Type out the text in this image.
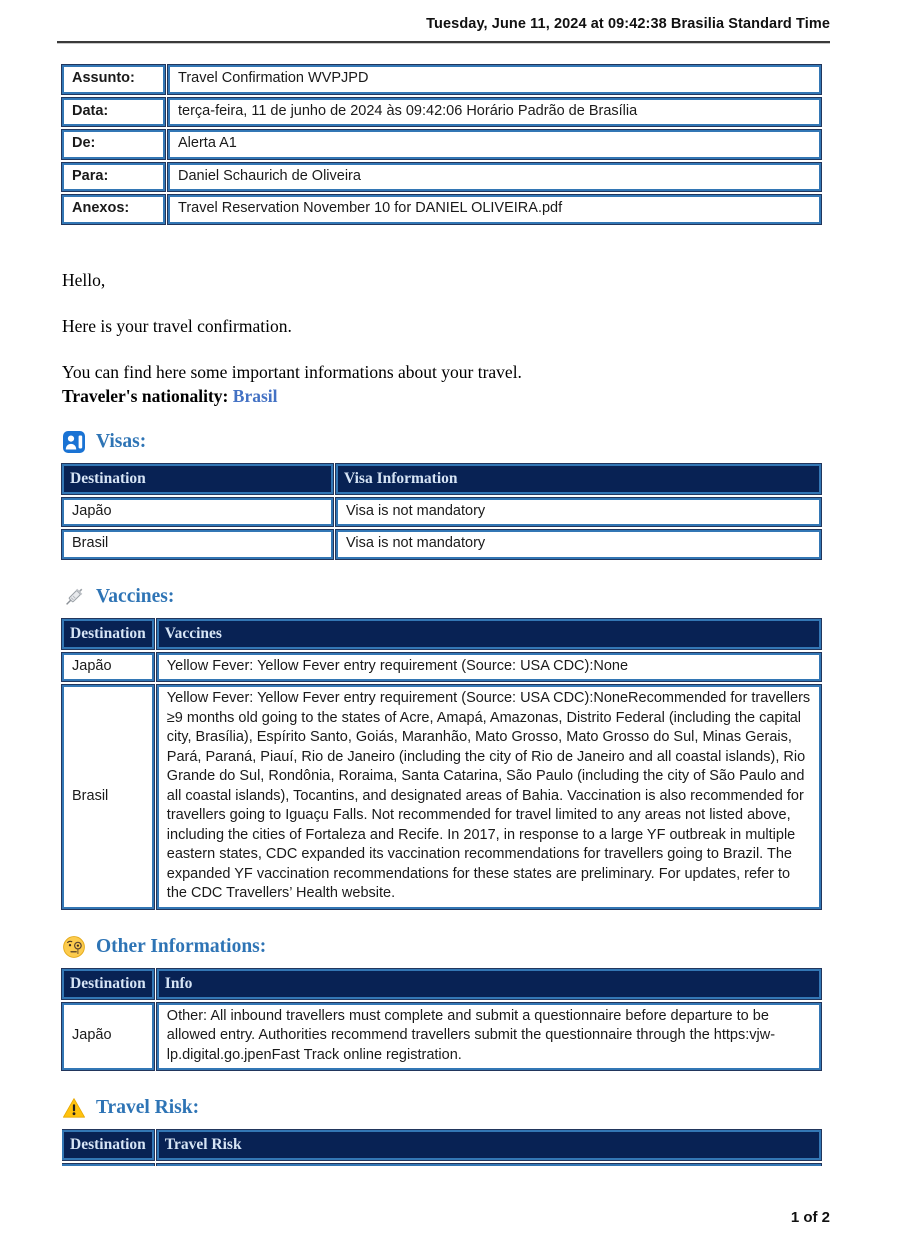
Tuesday, June 11, 2024 at 09:42:38 Brasilia Standard Time
Assunto:	Travel Confirmation WVPJPD
Data:	terça-feira, 11 de junho de 2024 às 09:42:06 Horário Padrão de Brasília
De:	Alerta A1
Para:	Daniel Schaurich de Oliveira
Anexos:	Travel Reservation November 10 for DANIEL OLIVEIRA.pdf

Hello,

Here is your travel confirmation.

You can find here some important informations about your travel.
Traveler's nationality: Brasil

Visas:
Destination	Visa Information
Japão	Visa is not mandatory
Brasil	Visa is not mandatory
Vaccines:
Destination	Vaccines
Japão	Yellow Fever: Yellow Fever entry requirement (Source: USA CDC):None
Brasil	Yellow Fever: Yellow Fever entry requirement (Source: USA CDC):NoneRecommended for travellers ≥9 months old going to the states of Acre, Amapá, Amazonas, Distrito Federal (including the capital city, Brasília), Espírito Santo, Goiás, Maranhão, Mato Grosso, Mato Grosso do Sul, Minas Gerais, Pará, Paraná, Piauí, Rio de Janeiro (including the city of Rio de Janeiro and all coastal islands), Rio Grande do Sul, Rondônia, Roraima, Santa Catarina, São Paulo (including the city of São Paulo and all coastal islands), Tocantins, and designated areas of Bahia. Vaccination is also recommended for travellers going to Iguaçu Falls. Not recommended for travel limited to any areas not listed above, including the cities of Fortaleza and Recife. In 2017, in response to a large YF outbreak in multiple eastern states, CDC expanded its vaccination recommendations for travellers going to Brazil. The expanded YF vaccination recommendations for these states are preliminary. For updates, refer to the CDC Travellers’ Health website.
Other Informations:
Destination	Info
Japão	Other: All inbound travellers must complete and submit a questionnaire before departure to be allowed entry. Authorities recommend travellers submit the questionnaire through the https:vjw-lp.digital.go.jpenFast Track online registration.
Travel Risk:
Destination	Travel Risk

1 of 2
